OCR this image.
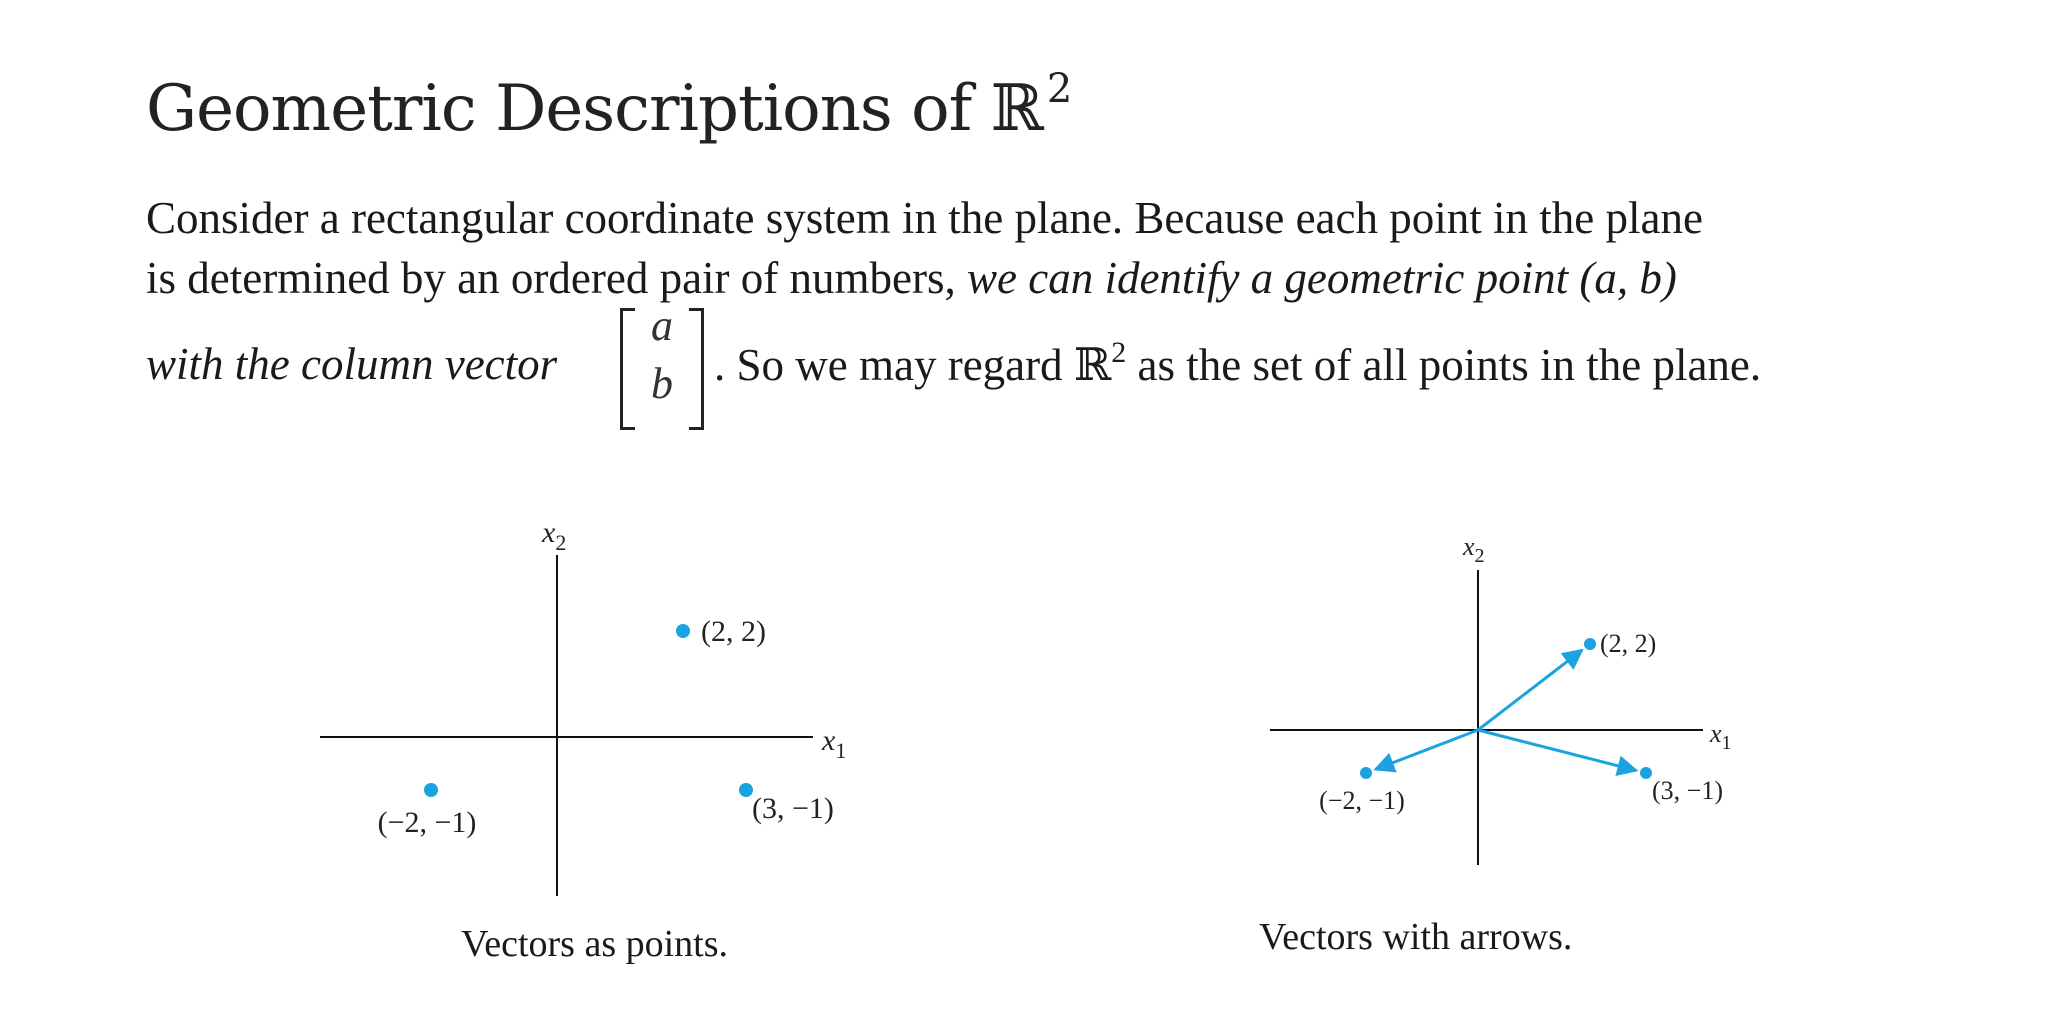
Geometric Descriptions of ℝ $^2$
Consider a rectangular coordinate system in the plane. Because each point in the plane
is determined by an ordered pair of numbers, we can identify a geometric point (a, b)
with the column vector
a
b . So we may regard ℝ$^2$ as the set of all points in the plane.
$x_1$
$x_2$
(2, 2)
(−2, −1)	(3, −1)
Vectors as points.
$x_1$
$x_2$
(2, 2)
(−2, −1)	(3, −1)
Vectors with arrows.
